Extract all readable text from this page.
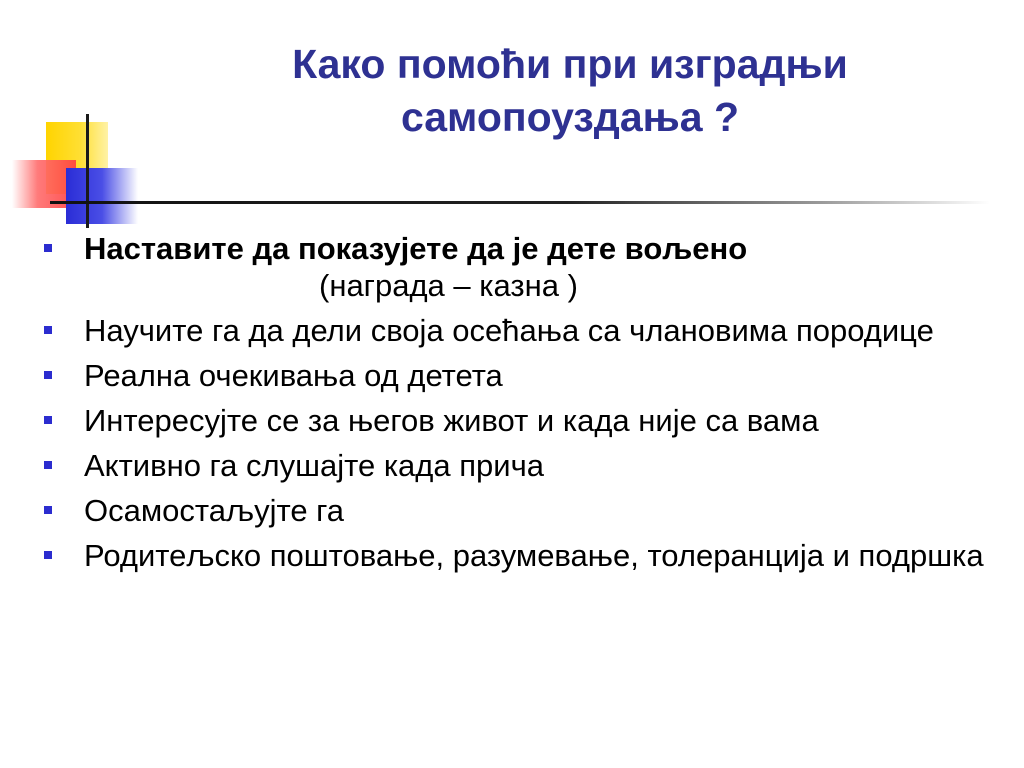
Како помоћи при изградњи
самопоуздања ?
Наставите да показујете да је дете вољено
(награда – казна )
Научите га да дели своја осећања са члановима породице
Реална очекивања од детета
Интересујте се за његов живот и када није са вама
Активно га слушајте када прича
Осамостаљујте га
Родитељско поштовање, разумевање, толеранција и подршка
